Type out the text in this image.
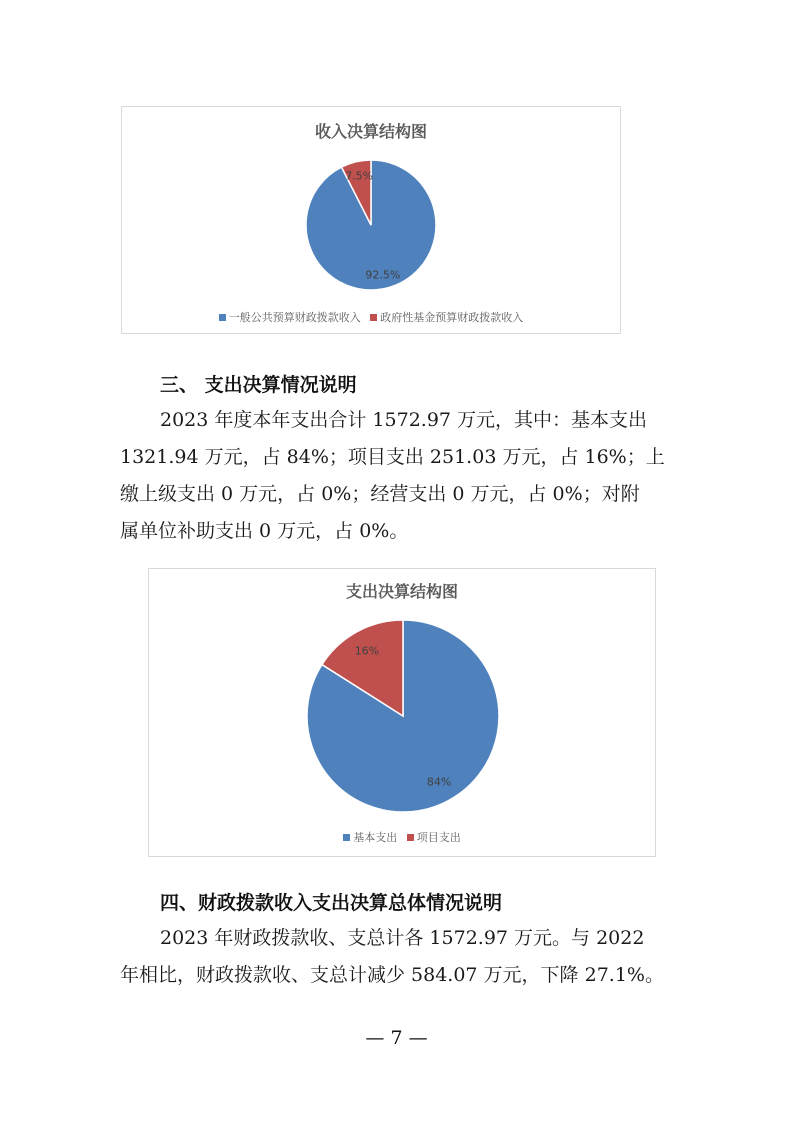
收入决算结构图
92.5%
7.5%
一般公共预算财政拨款收入 政府性基金预算财政拨款收入
三、 支出决算情况说明
2023 年度本年支出合计 1572.97 万元，其中：基本支出
1321.94 万元，占 84%；项目支出 251.03 万元，占 16%；上
缴上级支出 0 万元，占 0%；经营支出 0 万元，占 0%；对附
属单位补助支出 0 万元，占 0%。
支出决算结构图
84%
16%
基本支出 项目支出
四、财政拨款收入支出决算总体情况说明
2023 年财政拨款收、支总计各 1572.97 万元。与 2022
年相比，财政拨款收、支总计减少 584.07 万元，下降 27.1%。
— 7 —
